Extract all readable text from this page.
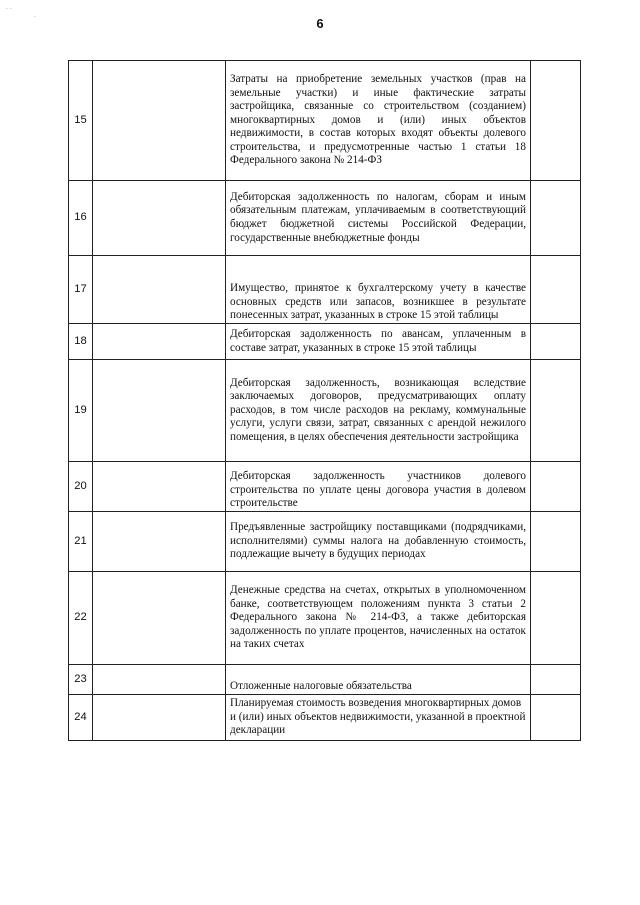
6
· ·
·
15		Затраты на приобретение земельных участков (прав на земельные участки) и иные фактические затраты застройщика, связанные со строительством (созданием) многоквартирных домов и (или) иных объектов недвижимости, в состав которых входят объекты долевого строительства, и предусмотренные частью 1 статьи 18 Федерального закона № 214-ФЗ	
16		Дебиторская задолженность по налогам, сборам и иным обязательным платежам, уплачиваемым в соответствующий бюджет бюджетной системы Российской Федерации, государственные внебюджетные фонды	
17		Имущество, принятое к бухгалтерскому учету в качестве основных средств или запасов, возникшее в результате понесенных затрат, указанных в строке 15 этой таблицы	
18		Дебиторская задолженность по авансам, уплаченным в составе затрат, указанных в строке 15 этой таблицы	
19		Дебиторская задолженность, возникающая вследствие заключаемых договоров, предусматривающих оплату расходов, в том числе расходов на рекламу, коммунальные услуги, услуги связи, затрат, связанных с арендой нежилого помещения, в целях обеспечения деятельности застройщика	
20		Дебиторская задолженность участников долевого строительства по уплате цены договора участия в долевом строительстве	
21		Предъявленные застройщику поставщиками (подрядчиками, исполнителями) суммы налога на добавленную стоимость, подлежащие вычету в будущих периодах	
22		Денежные средства на счетах, открытых в уполномоченном банке, соответствующем положениям пункта 3 статьи 2 Федерального закона № 214-ФЗ, а также дебиторская задолженность по уплате процентов, начисленных на остаток на таких счетах	
23		Отложенные налоговые обязательства	
24		Планируемая стоимость возведения многоквартирных домов и (или) иных объектов недвижимости, указанной в проектной декларации	
